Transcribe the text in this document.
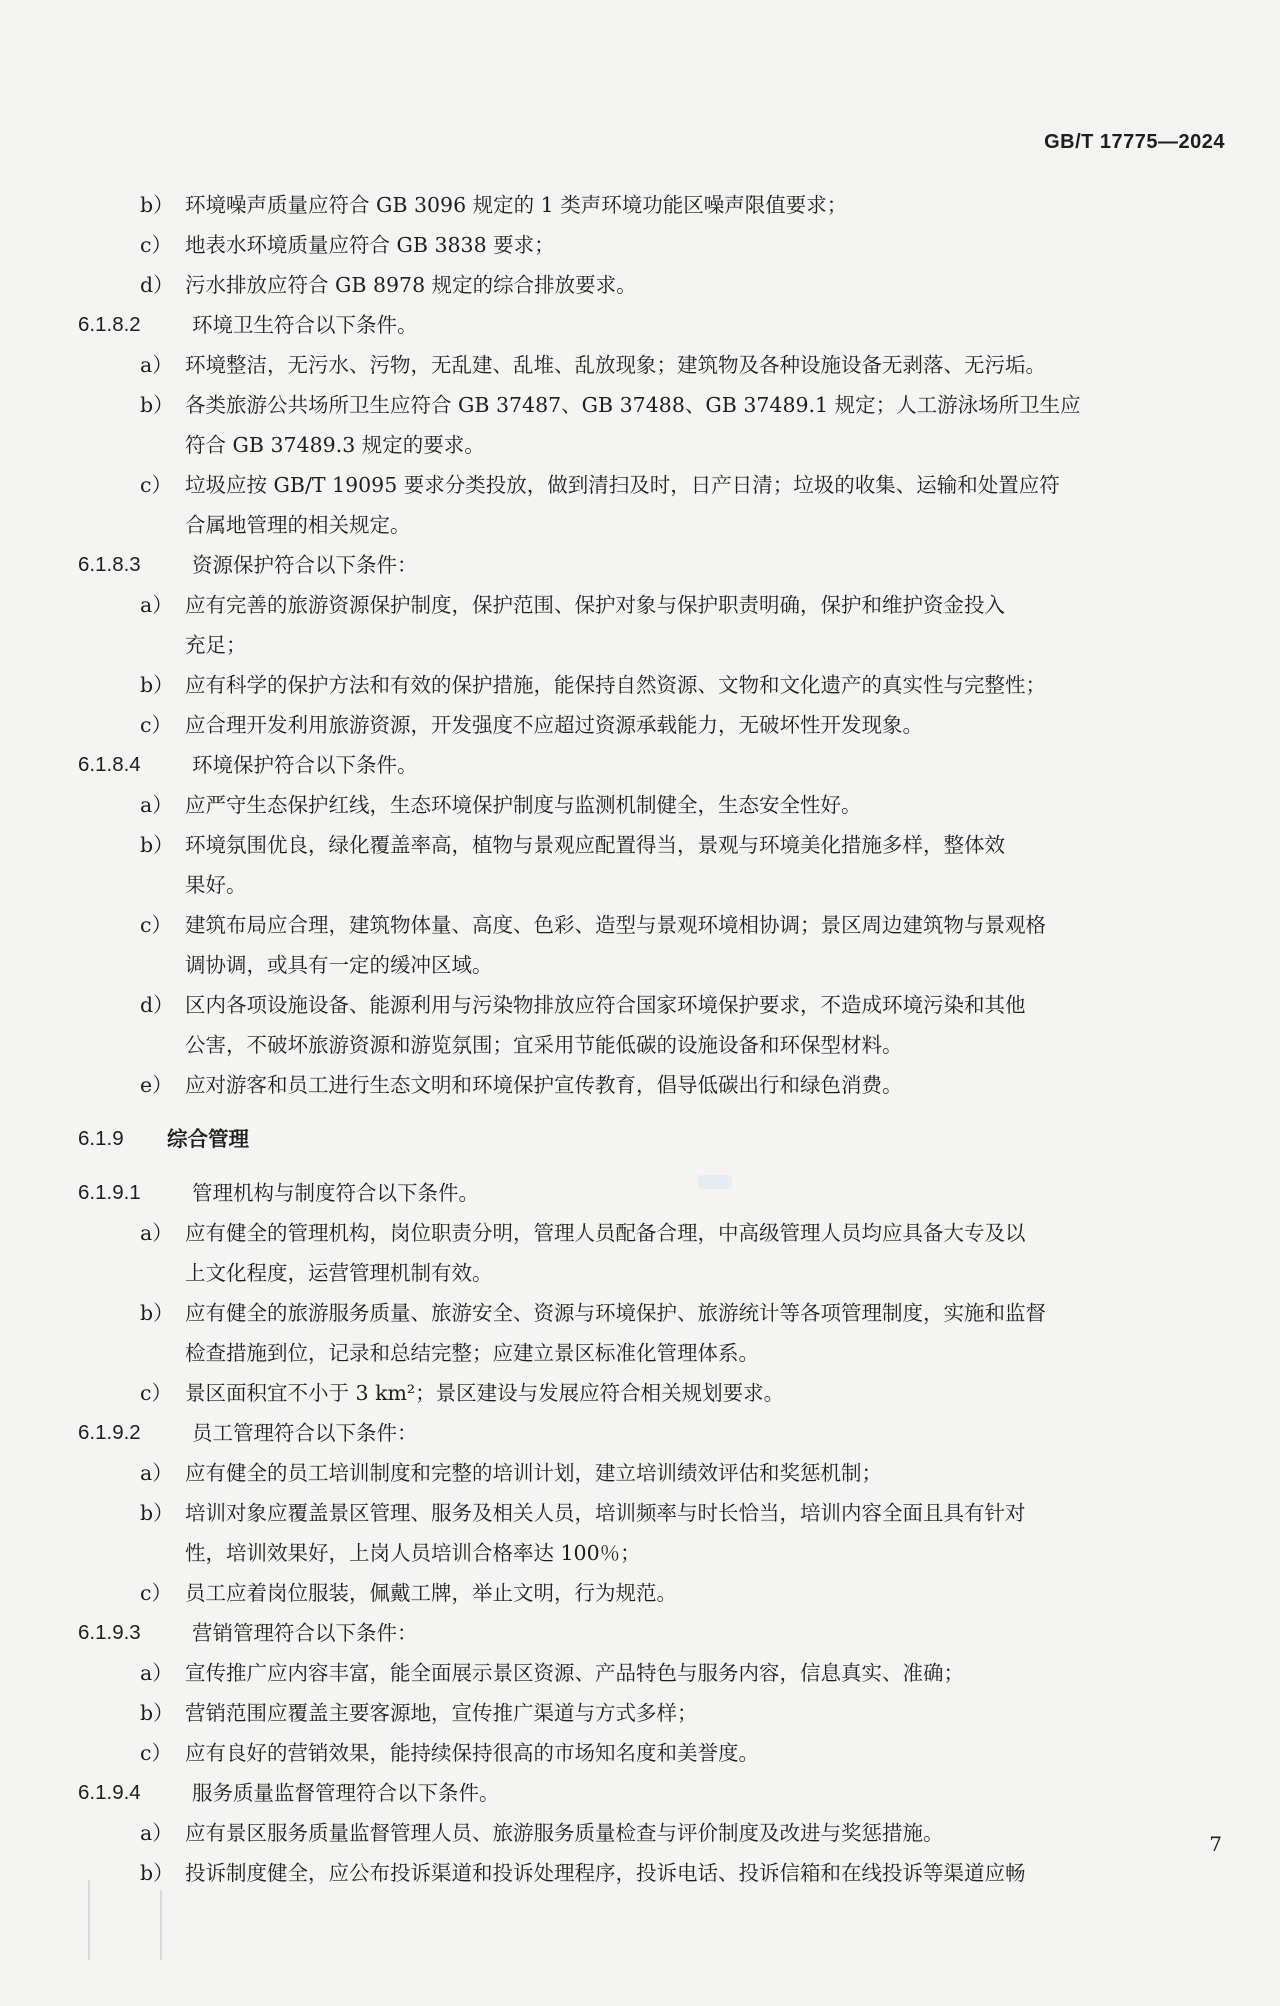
GB/T 17775—2024
b） 环境噪声质量应符合 GB 3096 规定的 1 类声环境功能区噪声限值要求；
c） 地表水环境质量应符合 GB 3838 要求；
d） 污水排放应符合 GB 8978 规定的综合排放要求。
6.1.8.2	环境卫生符合以下条件。
a） 环境整洁，无污水、污物，无乱建、乱堆、乱放现象；建筑物及各种设施设备无剥落、无污垢。
b） 各类旅游公共场所卫生应符合 GB 37487、GB 37488、GB 37489.1 规定；人工游泳场所卫生应
符合 GB 37489.3 规定的要求。
c） 垃圾应按 GB/T 19095 要求分类投放，做到清扫及时，日产日清；垃圾的收集、运输和处置应符
合属地管理的相关规定。
6.1.8.3	资源保护符合以下条件：
a） 应有完善的旅游资源保护制度，保护范围、保护对象与保护职责明确，保护和维护资金投入
充足；
b） 应有科学的保护方法和有效的保护措施，能保持自然资源、文物和文化遗产的真实性与完整性；
c） 应合理开发利用旅游资源，开发强度不应超过资源承载能力，无破坏性开发现象。
6.1.8.4	环境保护符合以下条件。
a） 应严守生态保护红线，生态环境保护制度与监测机制健全，生态安全性好。
b） 环境氛围优良，绿化覆盖率高，植物与景观应配置得当，景观与环境美化措施多样，整体效
果好。
c） 建筑布局应合理，建筑物体量、高度、色彩、造型与景观环境相协调；景区周边建筑物与景观格
调协调，或具有一定的缓冲区域。
d） 区内各项设施设备、能源利用与污染物排放应符合国家环境保护要求，不造成环境污染和其他
公害，不破坏旅游资源和游览氛围；宜采用节能低碳的设施设备和环保型材料。
e） 应对游客和员工进行生态文明和环境保护宣传教育，倡导低碳出行和绿色消费。
6.1.9 综合管理
6.1.9.1	管理机构与制度符合以下条件。
a） 应有健全的管理机构，岗位职责分明，管理人员配备合理，中高级管理人员均应具备大专及以
上文化程度，运营管理机制有效。
b） 应有健全的旅游服务质量、旅游安全、资源与环境保护、旅游统计等各项管理制度，实施和监督
检查措施到位，记录和总结完整；应建立景区标准化管理体系。
c） 景区面积宜不小于 3 km²；景区建设与发展应符合相关规划要求。
6.1.9.2	员工管理符合以下条件：
a） 应有健全的员工培训制度和完整的培训计划，建立培训绩效评估和奖惩机制；
b） 培训对象应覆盖景区管理、服务及相关人员，培训频率与时长恰当，培训内容全面且具有针对
性，培训效果好，上岗人员培训合格率达 100％；
c） 员工应着岗位服装，佩戴工牌，举止文明，行为规范。
6.1.9.3	营销管理符合以下条件：
a） 宣传推广应内容丰富，能全面展示景区资源、产品特色与服务内容，信息真实、准确；
b） 营销范围应覆盖主要客源地，宣传推广渠道与方式多样；
c） 应有良好的营销效果，能持续保持很高的市场知名度和美誉度。
6.1.9.4	服务质量监督管理符合以下条件。
a） 应有景区服务质量监督管理人员、旅游服务质量检查与评价制度及改进与奖惩措施。
b） 投诉制度健全，应公布投诉渠道和投诉处理程序，投诉电话、投诉信箱和在线投诉等渠道应畅
7
